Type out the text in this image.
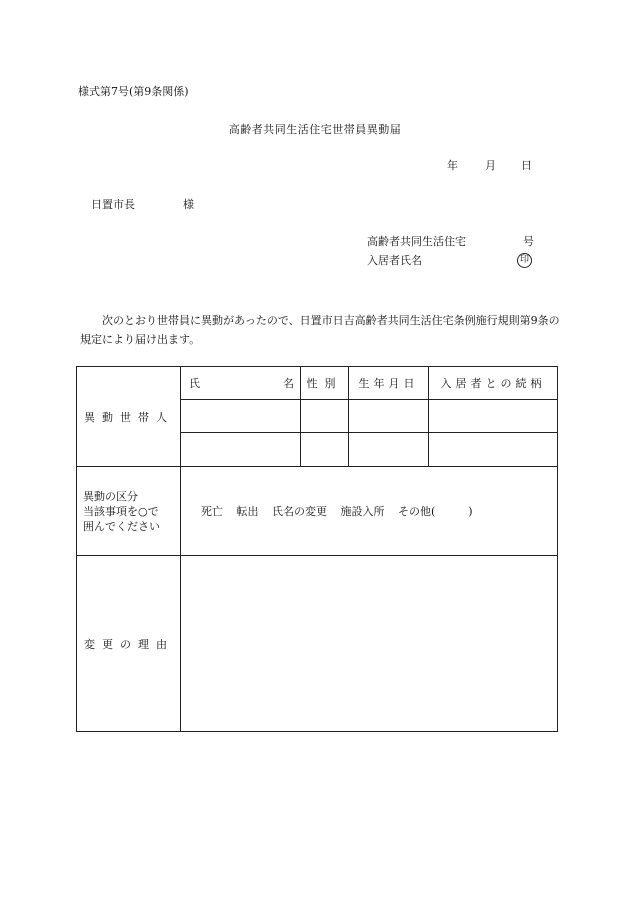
様式第7号(第9条関係)
高齢者共同生活住宅世帯員異動届
年 月 日
日置市長	様
高齢者共同生活住宅	号
入居者氏名	印
次のとおり世帯員に異動があったので、日置市日吉高齢者共同生活住宅条例施行規則第9条の規定により届け出ます。
異動世帯人	氏 名	性別	生年月日	入居者との続柄

異動の区分
当該事項を○で
囲んでください	死亡 転出 氏名の変更 施設入所 その他(　　　)			
変更の理由				
